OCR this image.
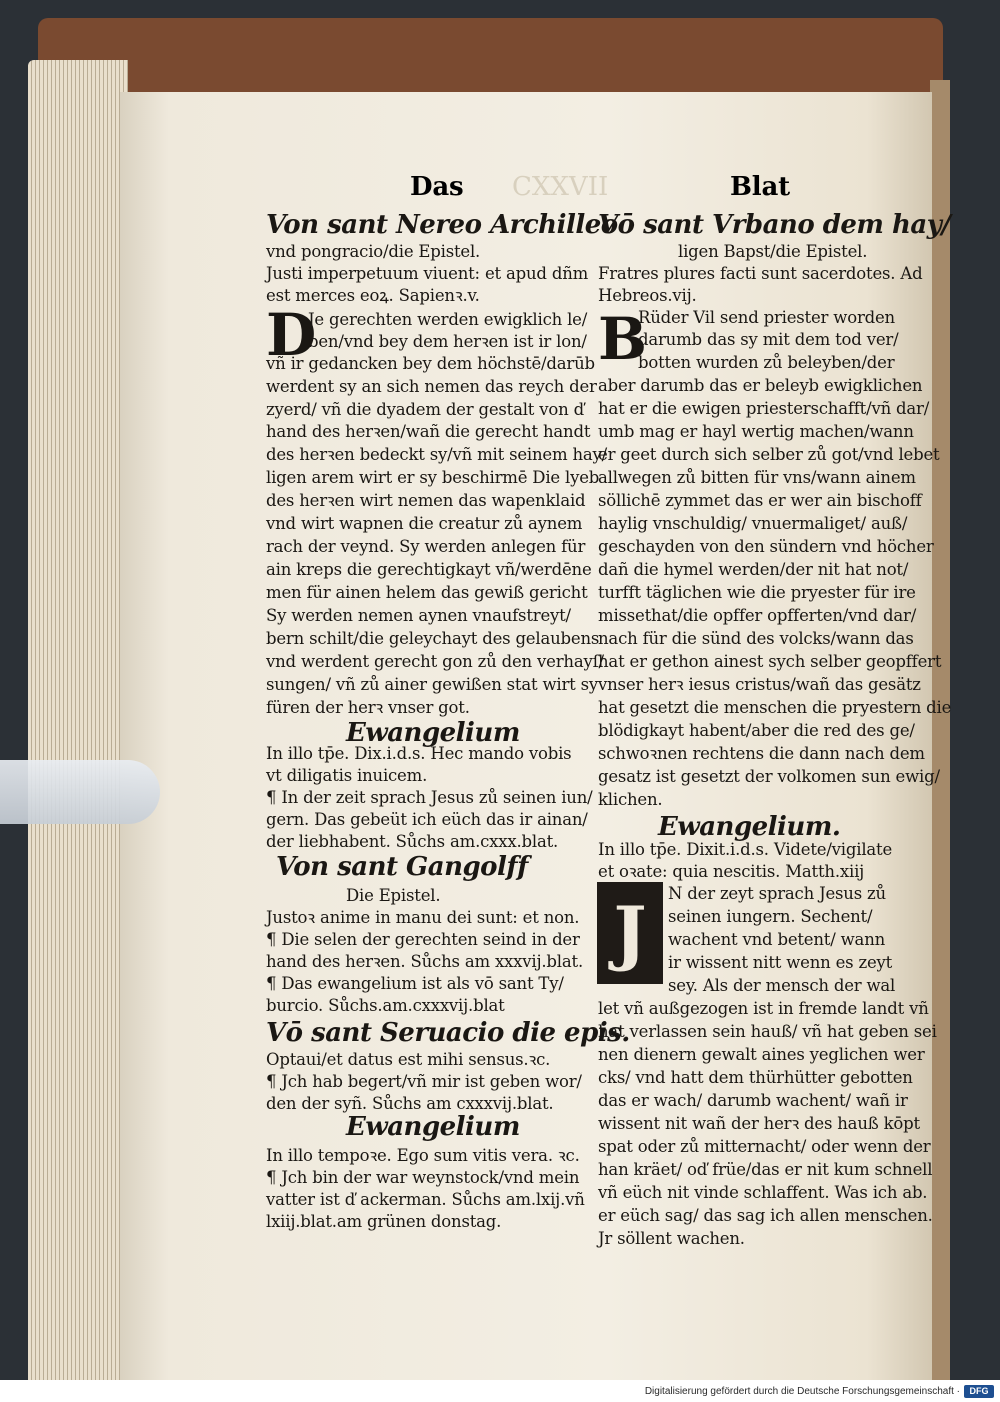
CXXVII
Das	Blat
D	B
J
Von sant Nereo Archilleo
vnd pongracio/die Epistel.
Justi imperpetuum viuent: et apud dñm
est merces eoꝝ. Sapienꝛ.v.
Je gerechten werden ewigklich le/
ben/vnd bey dem herꝛen ist ir lon/
vñ ir gedancken bey dem höchstē/darūb
werdent sy an sich nemen das reych der
zyerd/ vñ die dyadem der gestalt von ď
hand des herꝛen/wañ die gerecht handt
des herꝛen bedeckt sy/vñ mit seinem hay/
ligen arem wirt er sy beschirmē Die lyeb
des herꝛen wirt nemen das wapenklaid
vnd wirt wapnen die creatur zů aynem
rach der veynd. Sy werden anlegen für
ain kreps die gerechtigkayt vñ/werdēne
men für ainen helem das gewiß gericht
Sy werden nemen aynen vnaufstreyt/
bern schilt/die geleychayt des gelaubens
vnd werdent gerecht gon zů den verhayſ/
sungen/ vñ zů ainer gewißen stat wirt sy
füren der herꝛ vnser got.
Ewangelium
In illo tp̄e. Dix.i.d.s. Hec mando vobis
vt diligatis inuicem.
¶ In der zeit sprach Jesus zů seinen iun/
gern. Das gebeüt ich eüch das ir ainan/
der liebhabent. Sůchs am.cxxx.blat.
Von sant Gangolff
Die Epistel.
Justoꝛ anime in manu dei sunt: et non.
¶ Die selen der gerechten seind in der
hand des herꝛen. Sůchs am xxxvij.blat.
¶ Das ewangelium ist als vō sant Ty/
burcio. Sůchs.am.cxxxvij.blat
Vō sant Seruacio die epis.
Optaui/et datus est mihi sensus.ꝛc.
¶ Jch hab begert/vñ mir ist geben wor/
den der syñ. Sůchs am cxxxvij.blat.
Ewangelium
In illo tempoꝛe. Ego sum vitis vera. ꝛc.
¶ Jch bin der war weynstock/vnd mein
vatter ist ď ackerman. Sůchs am.lxij.vñ
lxiij.blat.am grünen donstag.
Vō sant Vrbano dem hay/
ligen Bapst/die Epistel.
Fratres plures facti sunt sacerdotes. Ad
Hebreos.vij.
Rüder Vil send priester worden
darumb das sy mit dem tod ver/
botten wurden zů beleyben/der
aber darumb das er beleyb ewigklichen
hat er die ewigen priesterschafft/vñ dar/
umb mag er hayl wertig machen/wann
er geet durch sich selber zů got/vnd lebet
allwegen zů bitten für vns/wann ainem
söllichē zymmet das er wer ain bischoff
haylig vnschuldig/ vnuermaliget/ auß/
geschayden von den sündern vnd höcher
dañ die hymel werden/der nit hat not/
turfft täglichen wie die pryester für ire
missethat/die opffer opfferten/vnd dar/
nach für die sünd des volcks/wann das
hat er gethon ainest sych selber geopffert
vnser herꝛ iesus cristus/wañ das gesätz
hat gesetzt die menschen die pryestern die
blödigkayt habent/aber die red des ge/
schwoꝛnen rechtens die dann nach dem
gesatz ist gesetzt der volkomen sun ewig/
klichen.
Ewangelium.
In illo tp̄e. Dixit.i.d.s. Videte/vigilate
et oꝛate: quia nescitis. Matth.xiij
N der zeyt sprach Jesus zů
seinen iungern. Sechent/
wachent vnd betent/ wann
ir wissent nitt wenn es zeyt
sey. Als der mensch der wal
let vñ außgezogen ist in fremde landt vñ
hat verlassen sein hauß/ vñ hat geben sei
nen dienern gewalt aines yeglichen wer
cks/ vnd hatt dem thürhütter gebotten
das er wach/ darumb wachent/ wañ ir
wissent nit wañ der herꝛ des hauß kōpt
spat oder zů mitternacht/ oder wenn der
han kräet/ oď früe/das er nit kum schnell
vñ eüch nit vinde schlaffent. Was ich ab.
er eüch sag/ das sag ich allen menschen.
Jr söllent wachen.
Digitalisierung gefördert durch die Deutsche Forschungsgemeinschaft ·	DFG
